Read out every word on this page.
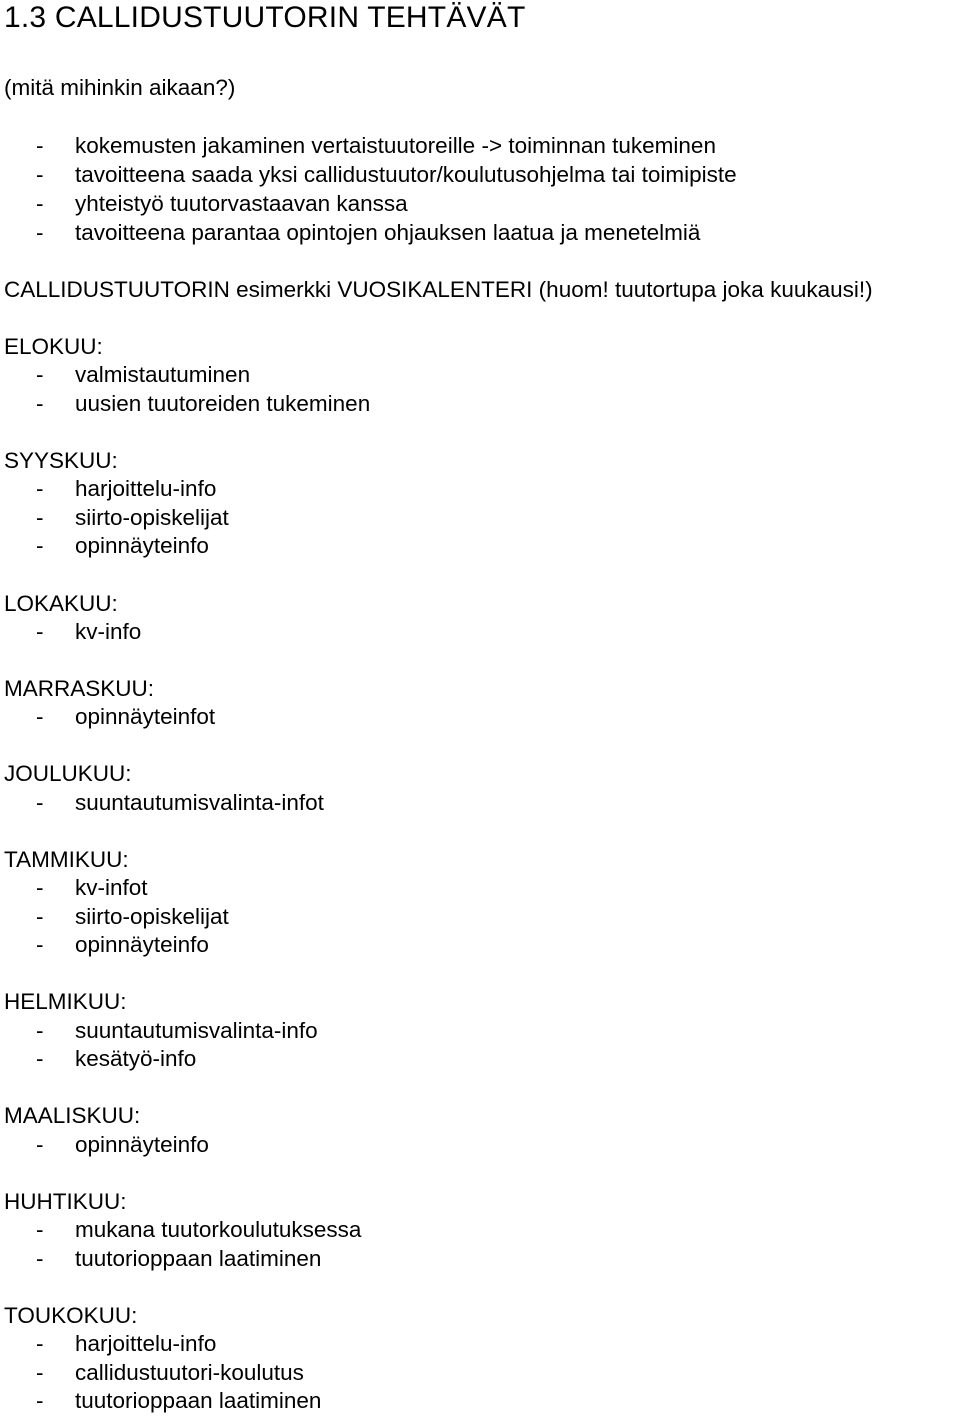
1.3 CALLIDUSTUUTORIN TEHTÄVÄT
(mitä mihinkin aikaan?)
- kokemusten jakaminen vertaistuutoreille -> toiminnan tukeminen
- tavoitteena saada yksi callidustuutor/koulutusohjelma tai toimipiste
- yhteistyö tuutorvastaavan kanssa
- tavoitteena parantaa opintojen ohjauksen laatua ja menetelmiä
CALLIDUSTUUTORIN esimerkki VUOSIKALENTERI (huom! tuutortupa joka kuukausi!)
ELOKUU:
- valmistautuminen
- uusien tuutoreiden tukeminen
SYYSKUU:
- harjoittelu-info
- siirto-opiskelijat
- opinnäyteinfo
LOKAKUU:
- kv-info
MARRASKUU:
- opinnäyteinfot
JOULUKUU:
- suuntautumisvalinta-infot
TAMMIKUU:
- kv-infot
- siirto-opiskelijat
- opinnäyteinfo
HELMIKUU:
- suuntautumisvalinta-info
- kesätyö-info
MAALISKUU:
- opinnäyteinfo
HUHTIKUU:
- mukana tuutorkoulutuksessa
- tuutorioppaan laatiminen
TOUKOKUU:
- harjoittelu-info
- callidustuutori-koulutus
- tuutorioppaan laatiminen
